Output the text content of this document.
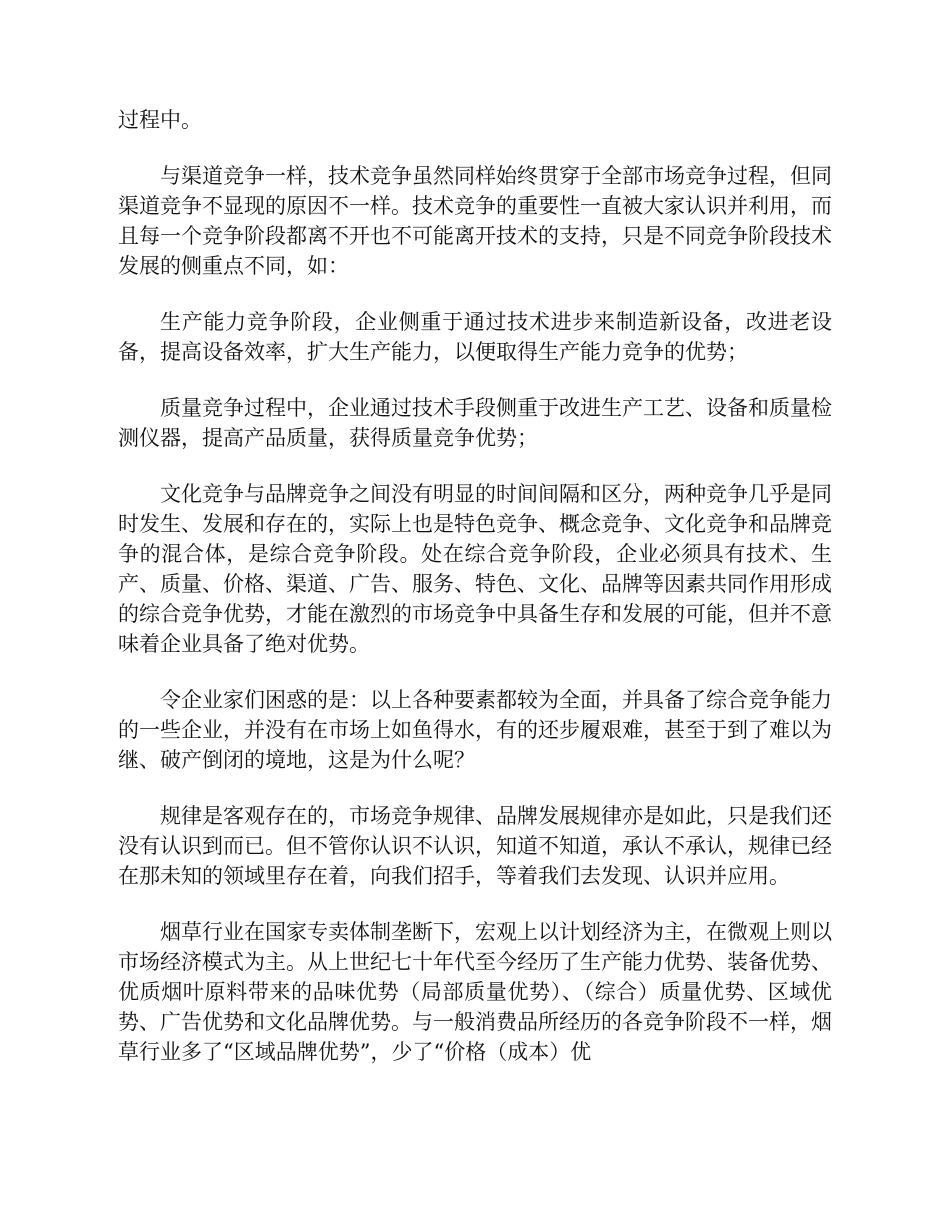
过程中。

与渠道竞争一样，技术竞争虽然同样始终贯穿于全部市场竞争过程，但同渠道竞争不显现的原因不一样。技术竞争的重要性一直被大家认识并利用，而且每一个竞争阶段都离不开也不可能离开技术的支持，只是不同竞争阶段技术发展的侧重点不同，如：

生产能力竞争阶段，企业侧重于通过技术进步来制造新设备，改进老设备，提高设备效率，扩大生产能力，以便取得生产能力竞争的优势；

质量竞争过程中，企业通过技术手段侧重于改进生产工艺、设备和质量检测仪器，提高产品质量，获得质量竞争优势；

文化竞争与品牌竞争之间没有明显的时间间隔和区分，两种竞争几乎是同时发生、发展和存在的，实际上也是特色竞争、概念竞争、文化竞争和品牌竞争的混合体，是综合竞争阶段。处在综合竞争阶段，企业必须具有技术、生产、质量、价格、渠道、广告、服务、特色、文化、品牌等因素共同作用形成的综合竞争优势，才能在激烈的市场竞争中具备生存和发展的可能，但并不意味着企业具备了绝对优势。

令企业家们困惑的是：以上各种要素都较为全面，并具备了综合竞争能力的一些企业，并没有在市场上如鱼得水，有的还步履艰难，甚至于到了难以为继、破产倒闭的境地，这是为什么呢？

规律是客观存在的，市场竞争规律、品牌发展规律亦是如此，只是我们还没有认识到而已。但不管你认识不认识，知道不知道，承认不承认，规律已经在那未知的领域里存在着，向我们招手，等着我们去发现、认识并应用。

烟草行业在国家专卖体制垄断下，宏观上以计划经济为主，在微观上则以市场经济模式为主。从上世纪七十年代至今经历了生产能力优势、装备优势、优质烟叶原料带来的品味优势（局部质量优势）、（综合）质量优势、区域优势、广告优势和文化品牌优势。与一般消费品所经历的各竞争阶段不一样，烟草行业多了“区域品牌优势”，少了“价格（成本）优
